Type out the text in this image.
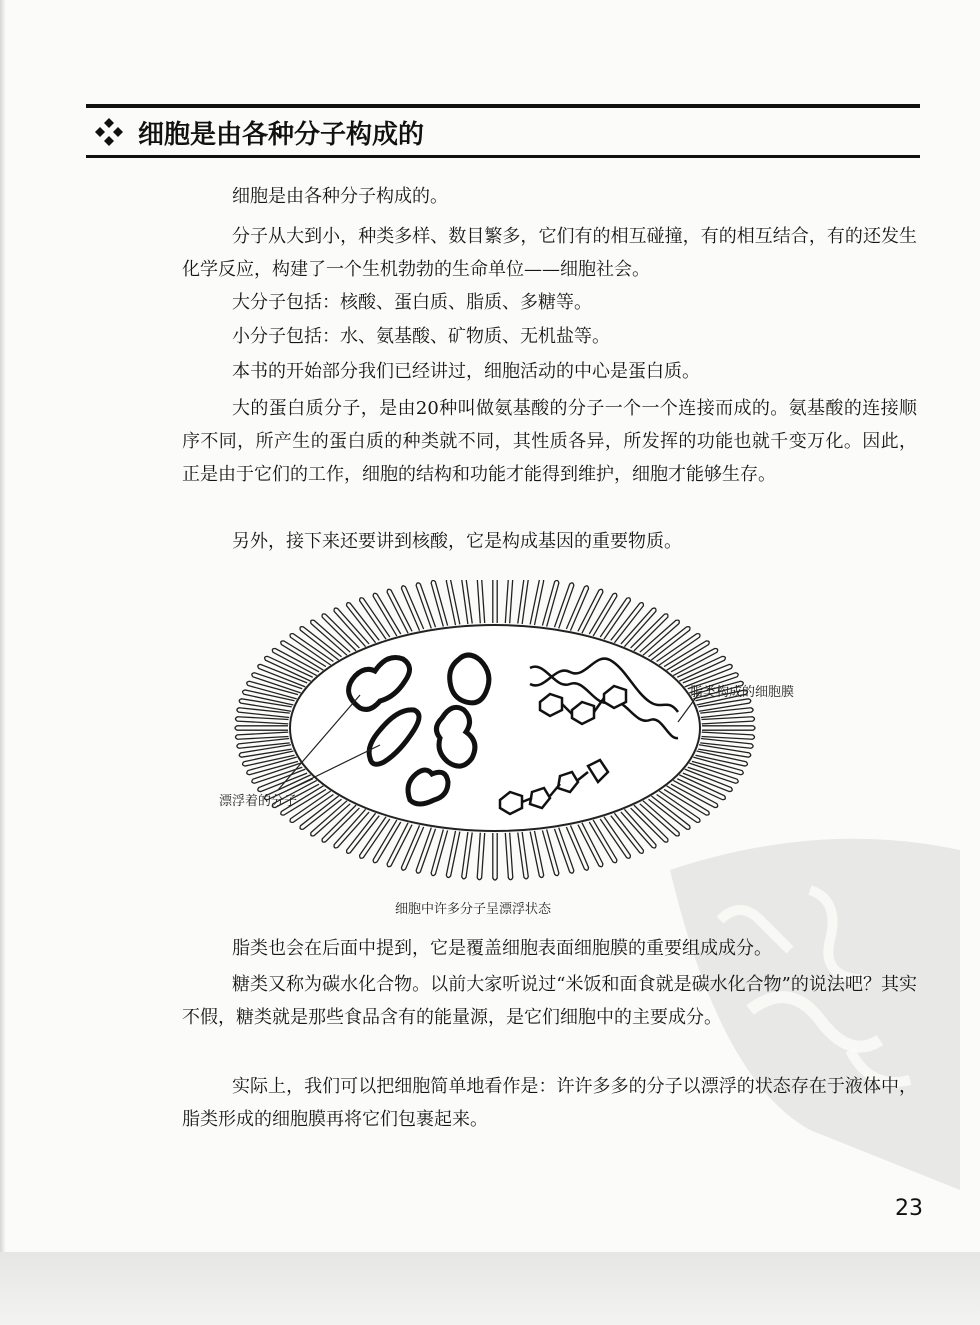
细胞是由各种分子构成的

细胞是由各种分子构成的。

分子从大到小，种类多样、数目繁多，它们有的相互碰撞，有的相互结合，有的还发生化学反应，构建了一个生机勃勃的生命单位——细胞社会。

大分子包括：核酸、蛋白质、脂质、多糖等。

小分子包括：水、氨基酸、矿物质、无机盐等。

本书的开始部分我们已经讲过，细胞活动的中心是蛋白质。

大的蛋白质分子，是由20种叫做氨基酸的分子一个一个连接而成的。氨基酸的连接顺序不同，所产生的蛋白质的种类就不同，其性质各异，所发挥的功能也就千变万化。因此，正是由于它们的工作，细胞的结构和功能才能得到维护，细胞才能够生存。

另外，接下来还要讲到核酸，它是构成基因的重要物质。

脂类构成的细胞膜
漂浮着的分子
细胞中许多分子呈漂浮状态

脂类也会在后面中提到，它是覆盖细胞表面细胞膜的重要组成成分。

糖类又称为碳水化合物。以前大家听说过“米饭和面食就是碳水化合物”的说法吧？其实不假，糖类就是那些食品含有的能量源，是它们细胞中的主要成分。

实际上，我们可以把细胞简单地看作是：许许多多的分子以漂浮的状态存在于液体中，脂类形成的细胞膜再将它们包裹起来。

23
